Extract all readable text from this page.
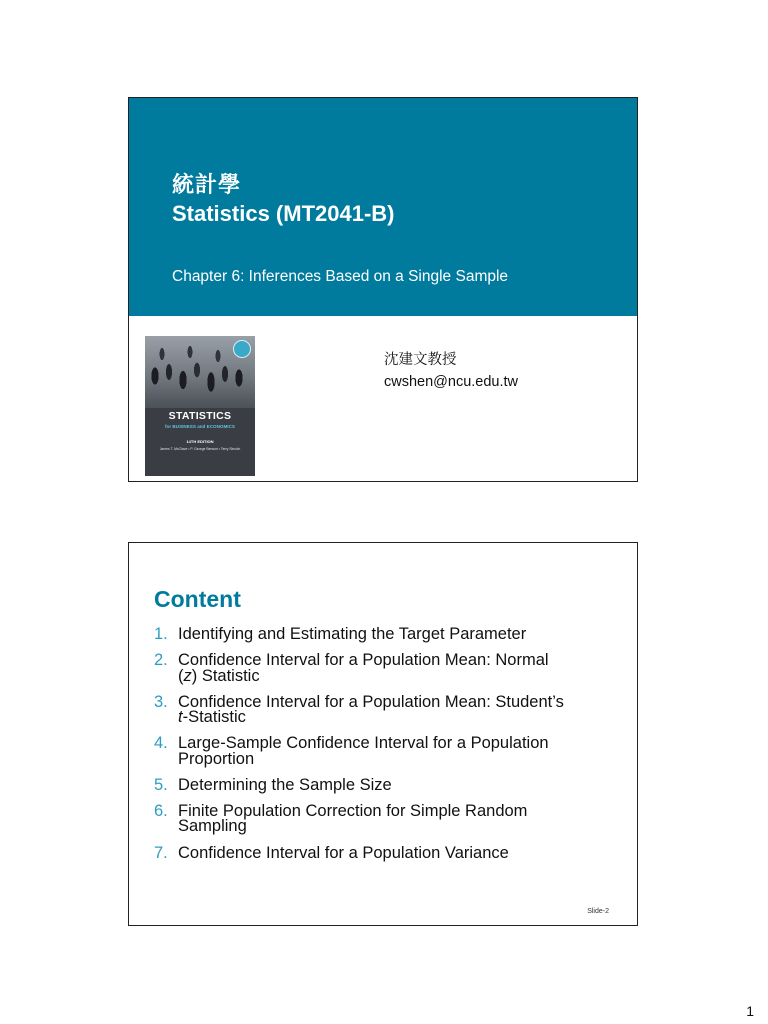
統計學
Statistics (MT2041-B)
Chapter 6: Inferences Based on a Single Sample
STATISTICS
for BUSINESS and ECONOMICS
14TH EDITION
James T. McClave • P. George Benson • Terry Sincich
沈建文教授
cwshen@ncu.edu.tw
Content
1. Identifying and Estimating the Target Parameter
2. Confidence Interval for a Population Mean: Normal
(z) Statistic
3. Confidence Interval for a Population Mean: Student’s
t-Statistic
4. Large-Sample Confidence Interval for a Population
Proportion
5. Determining the Sample Size
6. Finite Population Correction for Simple Random
Sampling
7. Confidence Interval for a Population Variance
Slide-2
1
